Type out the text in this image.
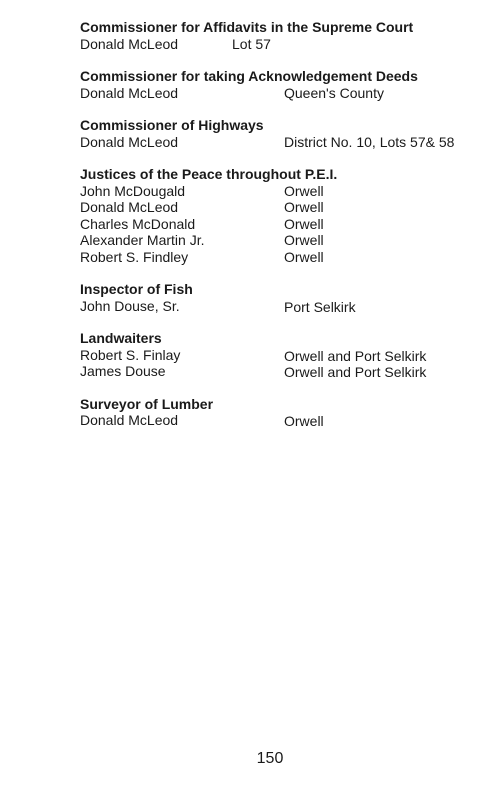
Commissioner for Affidavits in the Supreme Court
Donald McLeod	Lot 57
Commissioner for taking Acknowledgement Deeds
Donald McLeod	Queen's County
Commissioner of Highways
Donald McLeod	District No. 10, Lots 57& 58
Justices of the Peace throughout P.E.I.
John McDougald	Orwell
Donald McLeod	Orwell
Charles McDonald	Orwell
Alexander Martin Jr.	Orwell
Robert S. Findley	Orwell
Inspector of Fish
John Douse, Sr.	Port Selkirk
Landwaiters
Robert S. Finlay	Orwell and Port Selkirk
James Douse	Orwell and Port Selkirk
Surveyor of Lumber
Donald McLeod	Orwell
150
